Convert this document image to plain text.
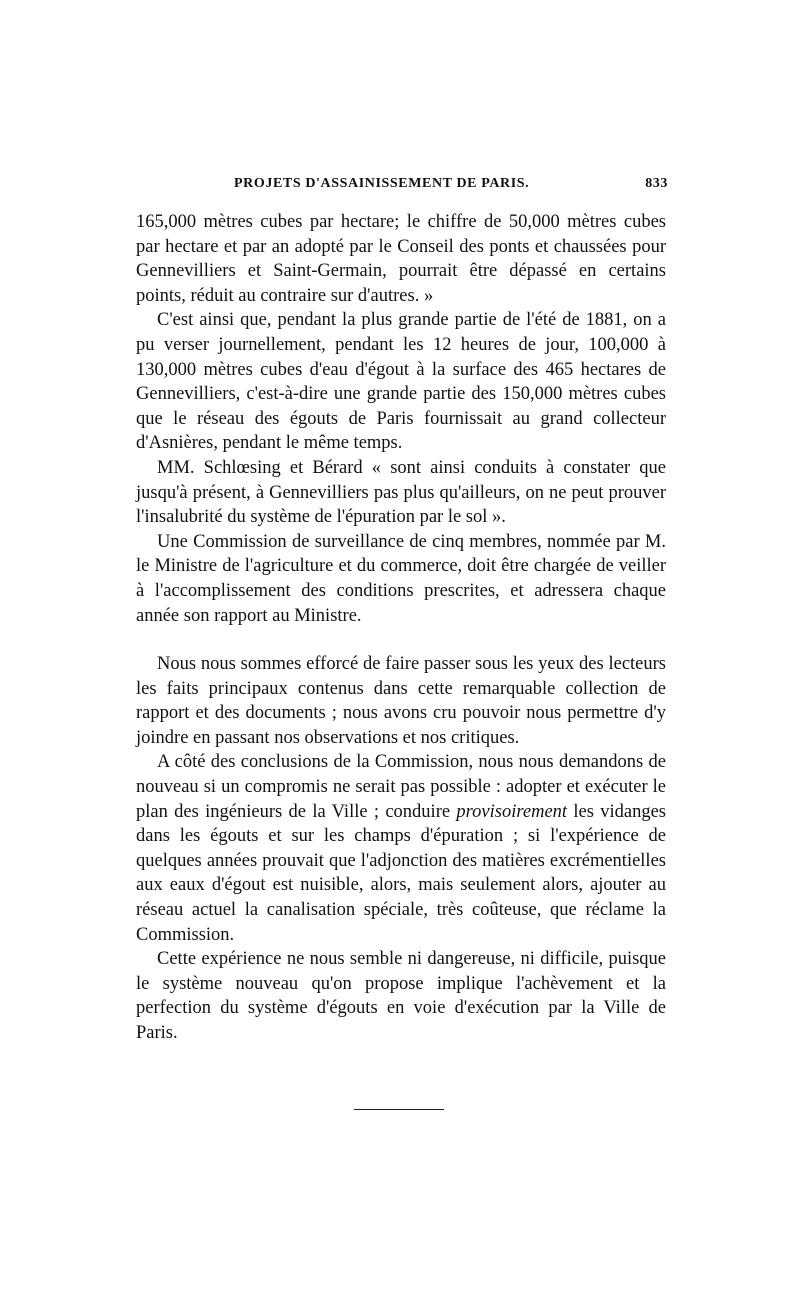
PROJETS D'ASSAINISSEMENT DE PARIS.	833

165,000 mètres cubes par hectare; le chiffre de 50,000 mètres cubes par hectare et par an adopté par le Conseil des ponts et chaussées pour Gennevilliers et Saint-Germain, pourrait être dépassé en certains points, réduit au contraire sur d'autres. »

C'est ainsi que, pendant la plus grande partie de l'été de 1881, on a pu verser journellement, pendant les 12 heures de jour, 100,000 à 130,000 mètres cubes d'eau d'égout à la surface des 465 hectares de Gennevilliers, c'est-à-dire une grande partie des 150,000 mètres cubes que le réseau des égouts de Paris fournissait au grand collecteur d'Asnières, pendant le même temps.

MM. Schlœsing et Bérard « sont ainsi conduits à constater que jusqu'à présent, à Gennevilliers pas plus qu'ailleurs, on ne peut prouver l'insalubrité du système de l'épuration par le sol ».

Une Commission de surveillance de cinq membres, nommée par M. le Ministre de l'agriculture et du commerce, doit être chargée de veiller à l'accomplissement des conditions prescrites, et adressera chaque année son rapport au Ministre.

Nous nous sommes efforcé de faire passer sous les yeux des lecteurs les faits principaux contenus dans cette remarquable collection de rapport et des documents ; nous avons cru pouvoir nous permettre d'y joindre en passant nos observations et nos critiques.

A côté des conclusions de la Commission, nous nous demandons de nouveau si un compromis ne serait pas possible : adopter et exécuter le plan des ingénieurs de la Ville ; conduire provisoirement les vidanges dans les égouts et sur les champs d'épuration ; si l'expérience de quelques années prouvait que l'adjonction des matières excrémentielles aux eaux d'égout est nuisible, alors, mais seulement alors, ajouter au réseau actuel la canalisation spéciale, très coûteuse, que réclame la Commission.

Cette expérience ne nous semble ni dangereuse, ni difficile, puisque le système nouveau qu'on propose implique l'achèvement et la perfection du système d'égouts en voie d'exécution par la Ville de Paris.
